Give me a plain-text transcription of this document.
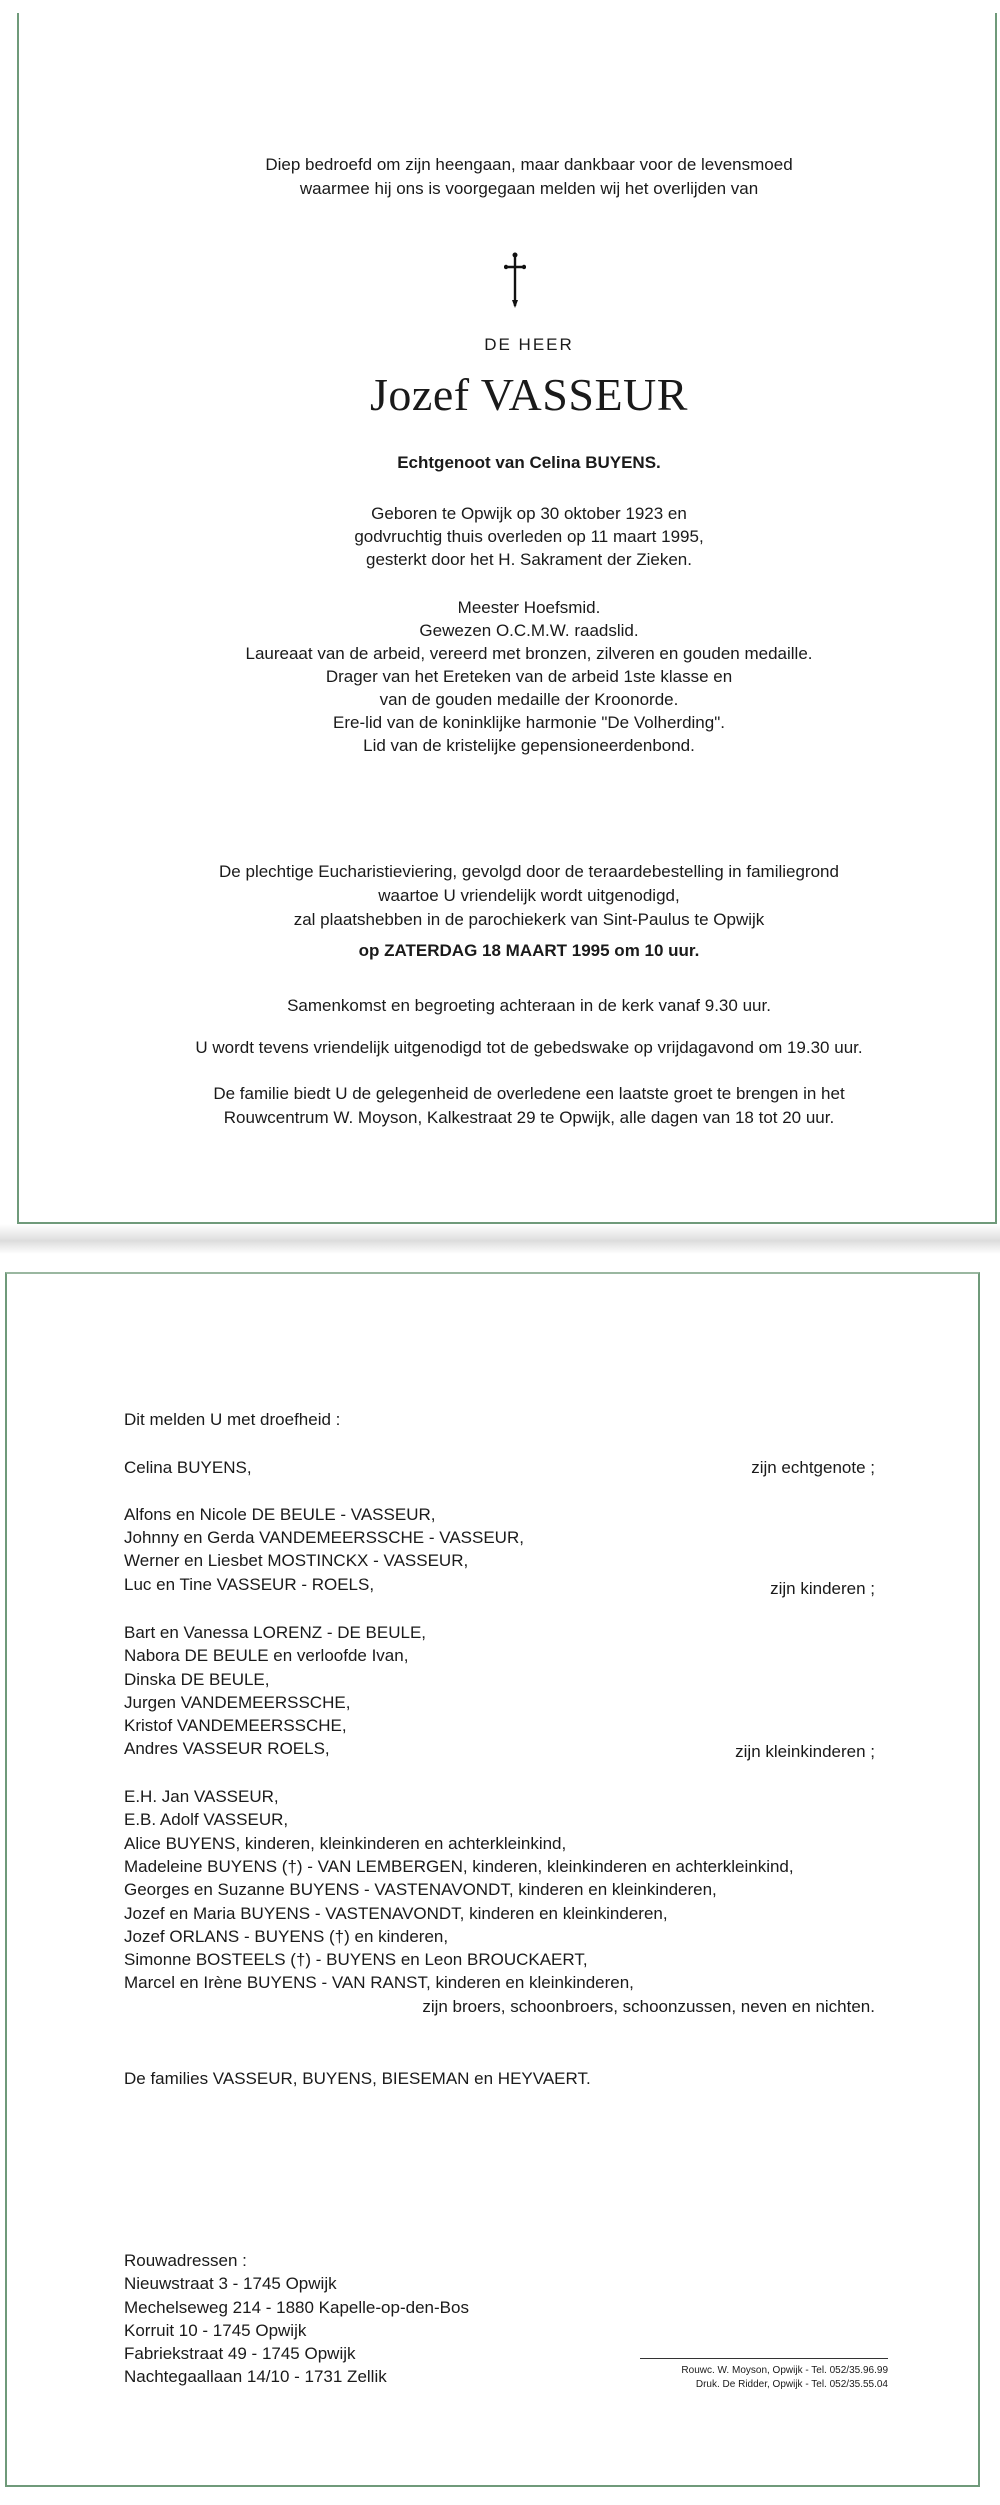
Diep bedroefd om zijn heengaan, maar dankbaar voor de levensmoed
waarmee hij ons is voorgegaan melden wij het overlijden van
DE HEER
Jozef VASSEUR
Echtgenoot van Celina BUYENS.
Geboren te Opwijk op 30 oktober 1923 en
godvruchtig thuis overleden op 11 maart 1995,
gesterkt door het H. Sakrament der Zieken.
Meester Hoefsmid.
Gewezen O.C.M.W. raadslid.
Laureaat van de arbeid, vereerd met bronzen, zilveren en gouden medaille.
Drager van het Ereteken van de arbeid 1ste klasse en
van de gouden medaille der Kroonorde.
Ere-lid van de koninklijke harmonie "De Volherding".
Lid van de kristelijke gepensioneerdenbond.
De plechtige Eucharistieviering, gevolgd door de teraardebestelling in familiegrond
waartoe U vriendelijk wordt uitgenodigd,
zal plaatshebben in de parochiekerk van Sint-Paulus te Opwijk
op ZATERDAG 18 MAART 1995 om 10 uur.
Samenkomst en begroeting achteraan in de kerk vanaf 9.30 uur.
U wordt tevens vriendelijk uitgenodigd tot de gebedswake op vrijdagavond om 19.30 uur.
De familie biedt U de gelegenheid de overledene een laatste groet te brengen in het
Rouwcentrum W. Moyson, Kalkestraat 29 te Opwijk, alle dagen van 18 tot 20 uur.
Dit melden U met droefheid :
Celina BUYENS,	zijn echtgenote ;
Alfons en Nicole DE BEULE - VASSEUR,
Johnny en Gerda VANDEMEERSSCHE - VASSEUR,
Werner en Liesbet MOSTINCKX - VASSEUR,
Luc en Tine VASSEUR - ROELS,	zijn kinderen ;
Bart en Vanessa LORENZ - DE BEULE,
Nabora DE BEULE en verloofde Ivan,
Dinska DE BEULE,
Jurgen VANDEMEERSSCHE,
Kristof VANDEMEERSSCHE,
Andres VASSEUR ROELS,	zijn kleinkinderen ;
E.H. Jan VASSEUR,
E.B. Adolf VASSEUR,
Alice BUYENS, kinderen, kleinkinderen en achterkleinkind,
Madeleine BUYENS (†) - VAN LEMBERGEN, kinderen, kleinkinderen en achterkleinkind,
Georges en Suzanne BUYENS - VASTENAVONDT, kinderen en kleinkinderen,
Jozef en Maria BUYENS - VASTENAVONDT, kinderen en kleinkinderen,
Jozef ORLANS - BUYENS (†) en kinderen,
Simonne BOSTEELS (†) - BUYENS en Leon BROUCKAERT,
Marcel en Irène BUYENS - VAN RANST, kinderen en kleinkinderen,
zijn broers, schoonbroers, schoonzussen, neven en nichten.
De families VASSEUR, BUYENS, BIESEMAN en HEYVAERT.
Rouwadressen :
Nieuwstraat 3 - 1745 Opwijk
Mechelseweg 214 - 1880 Kapelle-op-den-Bos
Korruit 10 - 1745 Opwijk
Fabriekstraat 49 - 1745 Opwijk
Nachtegaallaan 14/10 - 1731 Zellik	Rouwc. W. Moyson, Opwijk - Tel. 052/35.96.99
Druk. De Ridder, Opwijk - Tel. 052/35.55.04
